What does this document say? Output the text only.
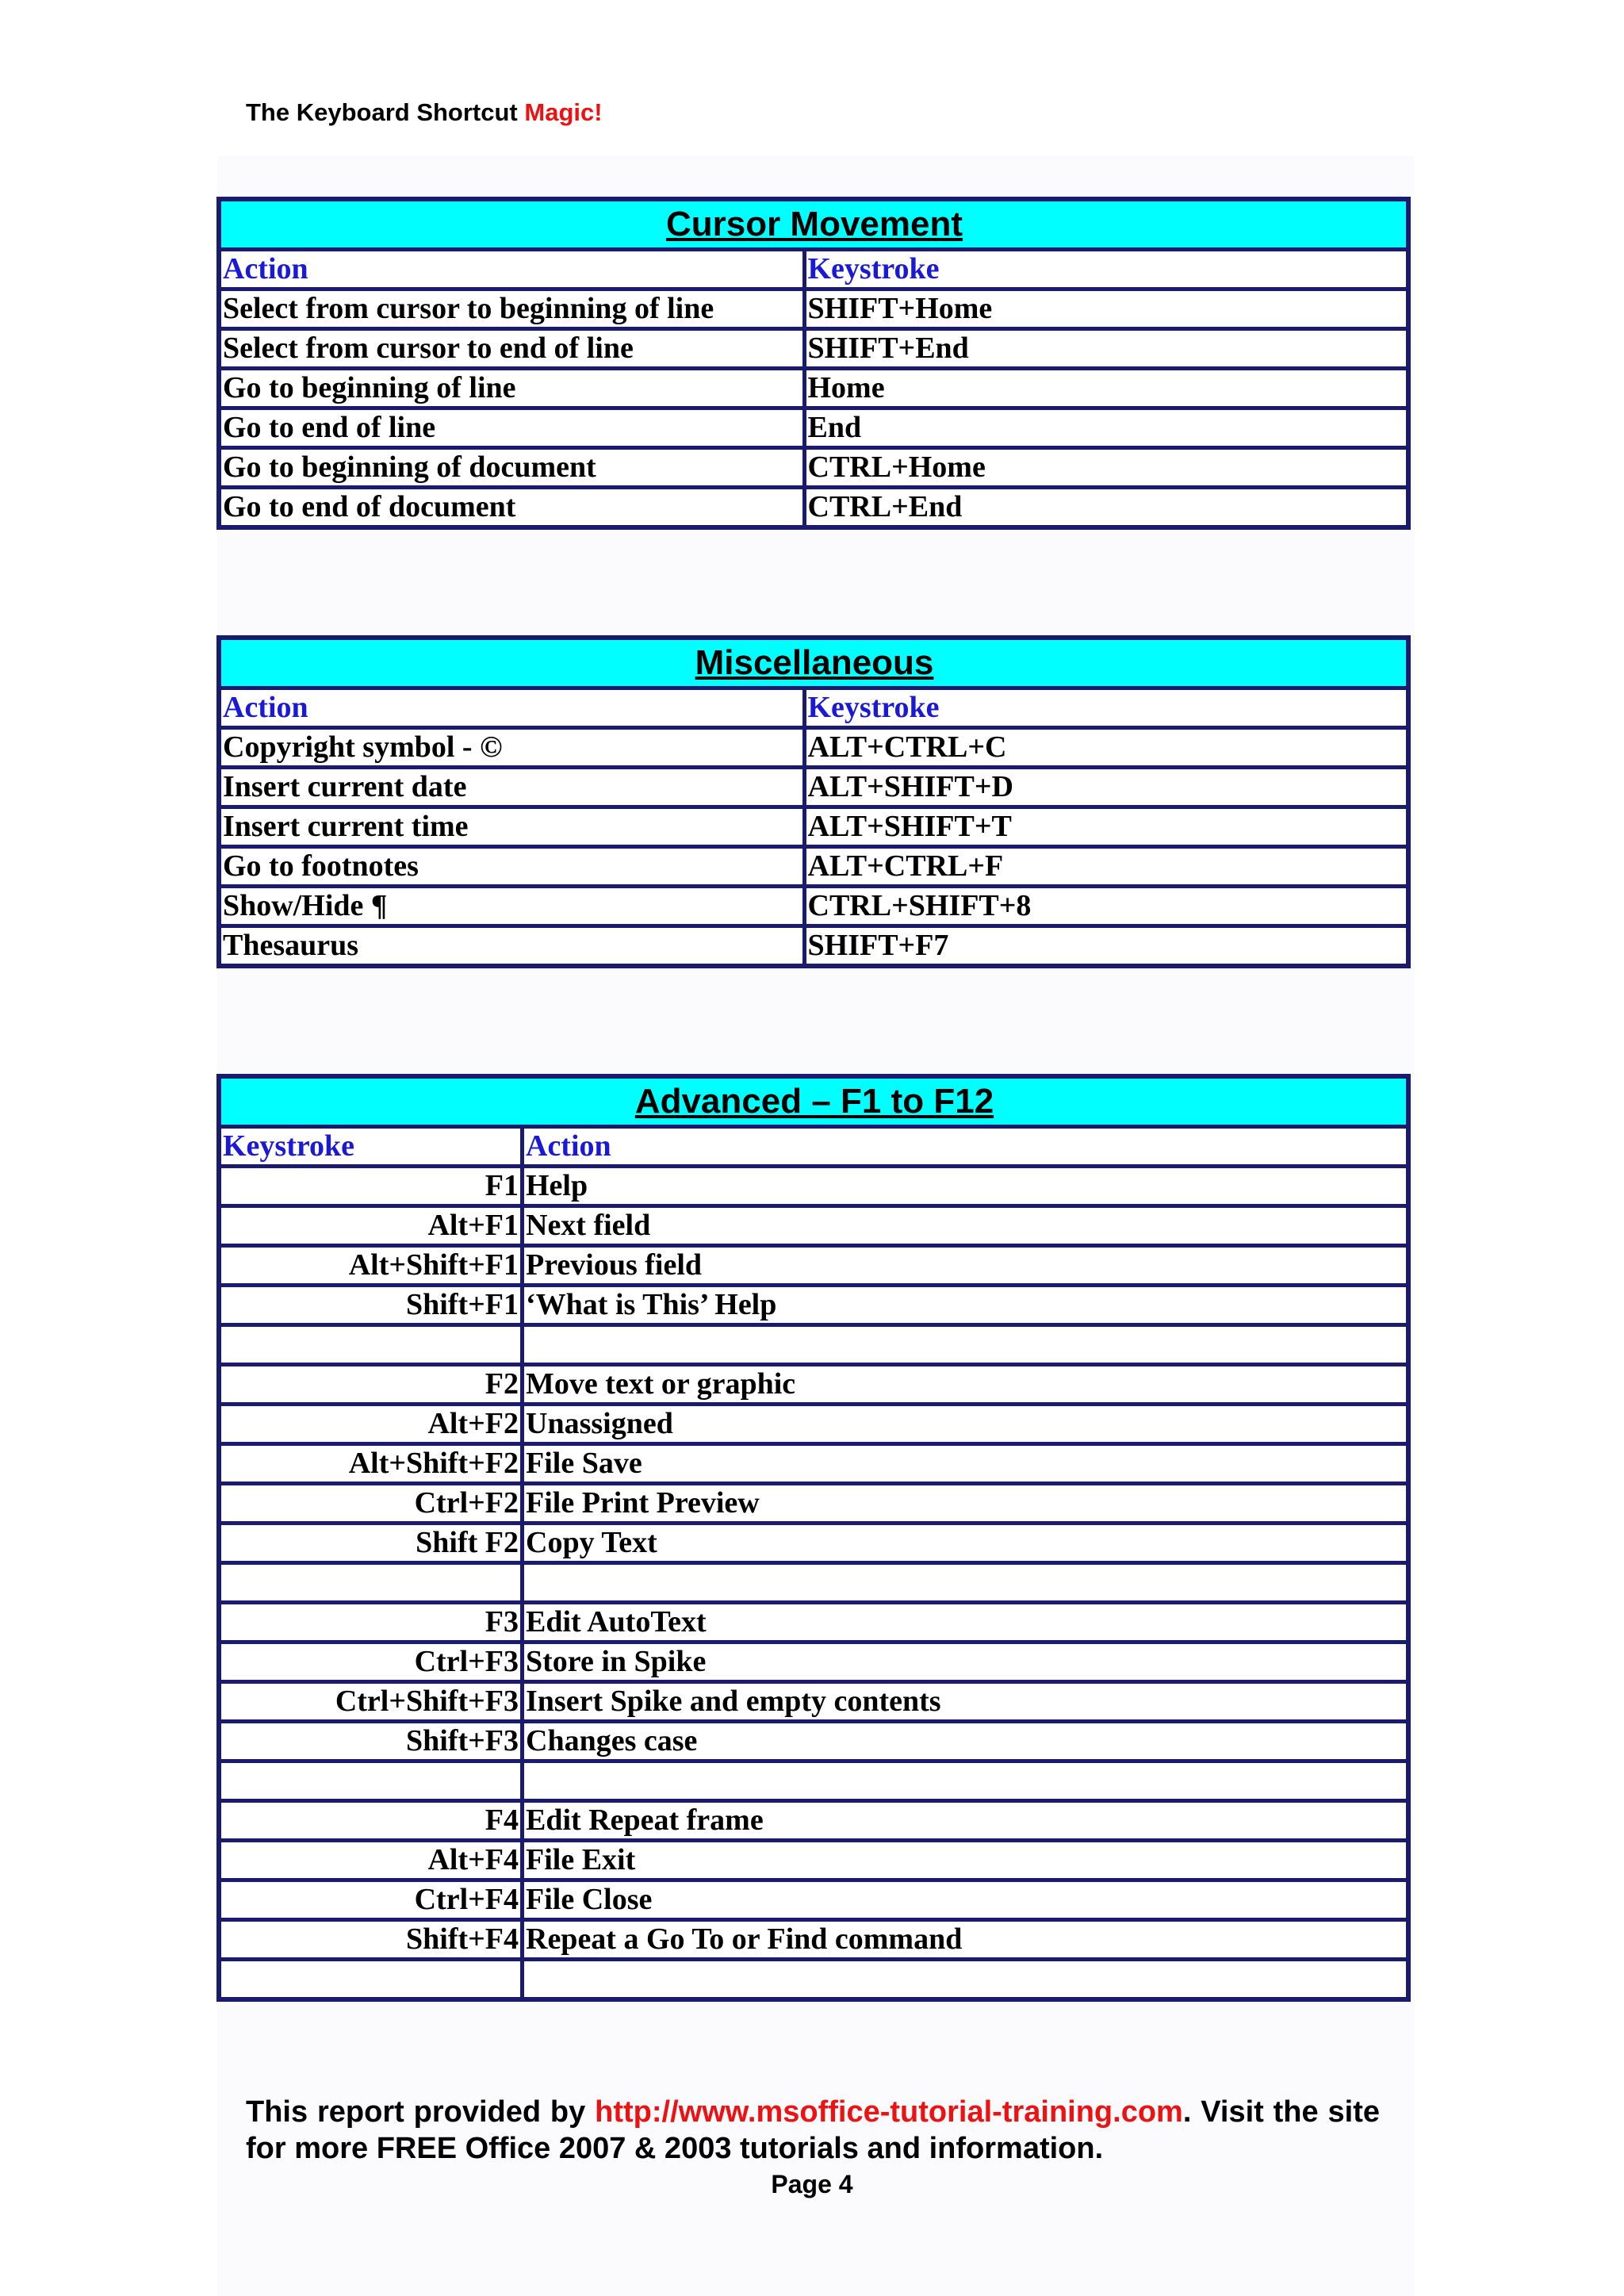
The Keyboard Shortcut Magic!
Cursor Movement	
Action	Keystroke
Select from cursor to beginning of line	SHIFT+Home
Select from cursor to end of line	SHIFT+End
Go to beginning of line	Home
Go to end of line	End
Go to beginning of document	CTRL+Home
Go to end of document	CTRL+End
Miscellaneous	
Action	Keystroke
Copyright symbol - ©	ALT+CTRL+C
Insert current date	ALT+SHIFT+D
Insert current time	ALT+SHIFT+T
Go to footnotes	ALT+CTRL+F
Show/Hide ¶	CTRL+SHIFT+8
Thesaurus	SHIFT+F7
Advanced – F1 to F12	
Keystroke	Action
F1	Help
Alt+F1	Next field
Alt+Shift+F1	Previous field
Shift+F1	‘What is This’ Help

F2	Move text or graphic
Alt+F2	Unassigned
Alt+Shift+F2	File Save
Ctrl+F2	File Print Preview
Shift F2	Copy Text

F3	Edit AutoText
Ctrl+F3	Store in Spike
Ctrl+Shift+F3	Insert Spike and empty contents
Shift+F3	Changes case

F4	Edit Repeat frame
Alt+F4	File Exit
Ctrl+F4	File Close
Shift+F4	Repeat a Go To or Find command

This report provided by http://www.msoffice-tutorial-training.com. Visit the site for more FREE Office 2007 & 2003 tutorials and information.
Page 4
